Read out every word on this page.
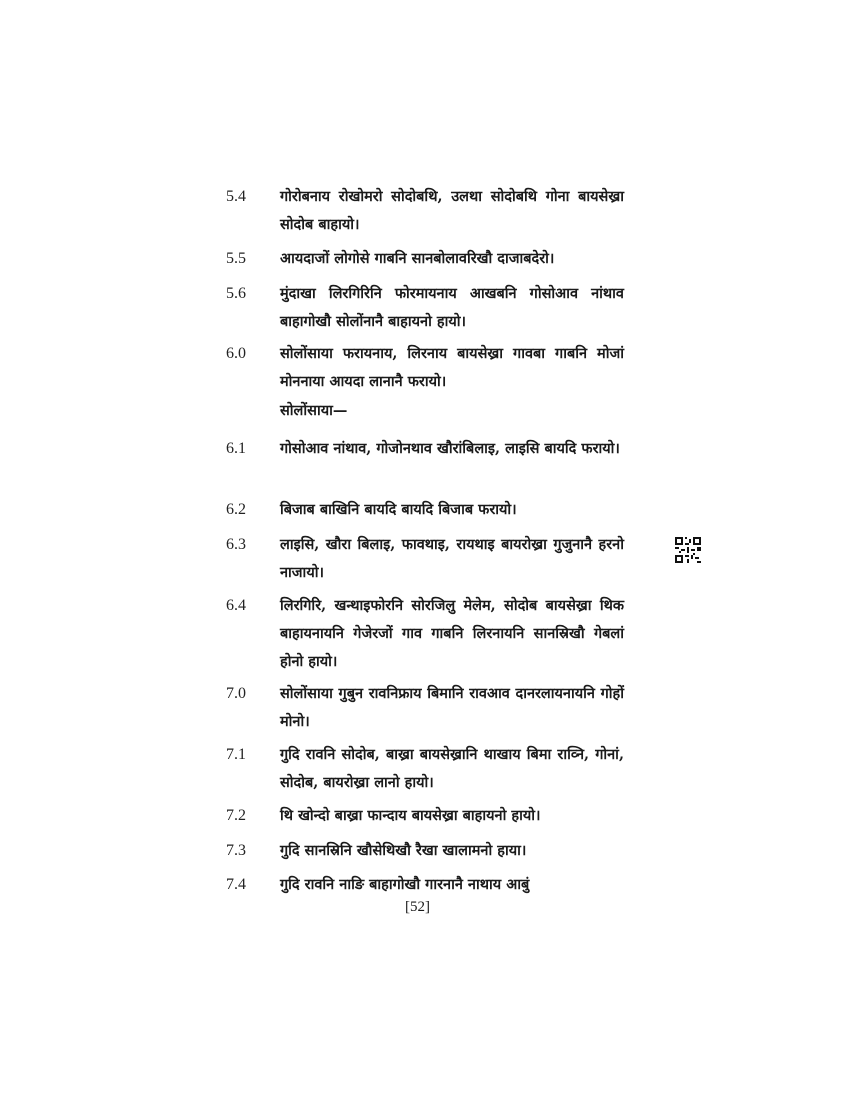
5.4 गोरोबनाय रोखोमरो सोदोबथि, उलथा सोदोबथि गोना बायसेख्रा सोदोब बाहायो।
5.5 आयदाजों लोगोसे गाबनि सानबोलावरिखौ दाजाबदेरो।
5.6 मुंदाखा लिरगिरिनि फोरमायनाय आखबनि गोसोआव नांथाव बाहागोखौ सोलोंनानै बाहायनो हायो।
6.0 सोलोंसाया फरायनाय, लिरनाय बायसेख्रा गावबा गाबनि मोजां मोननाया आयदा लानानै फरायो।
सोलोंसाया—
6.1 गोसोआव नांथाव, गोजोनथाव खौरांबिलाइ, लाइसि बायदि फरायो।
6.2 बिजाब बाखिनि बायदि बायदि बिजाब फरायो।
6.3 लाइसि, खौरा बिलाइ, फावथाइ, रायथाइ बायरोख्रा गुजुनानै हरनो नाजायो।
6.4 लिरगिरि, खन्थाइफोरनि सोरजिलु मेलेम, सोदोब बायसेख्रा थिक बाहायनायनि गेजेरजों गाव गाबनि लिरनायनि सानस्रिखौ गेबलां होनो हायो।
7.0 सोलोंसाया गुबुन रावनिफ्राय बिमानि रावआव दानरलायनायनि गोहों मोनो।
7.1 गुदि रावनि सोदोब, बाख्रा बायसेख्रानि थाखाय बिमा राव्नि, गोनां, सोदोब, बायरोख्रा लानो हायो।
7.2 थि खोन्दो बाख्रा फान्दाय बायसेख्रा बाहायनो हायो।
7.3 गुदि सानस्रिनि खौसेथिखौ रैखा खालामनो हाया।
7.4 गुदि रावनि नाङि बाहागोखौ गारनानै नाथाय आबुं
[52]
